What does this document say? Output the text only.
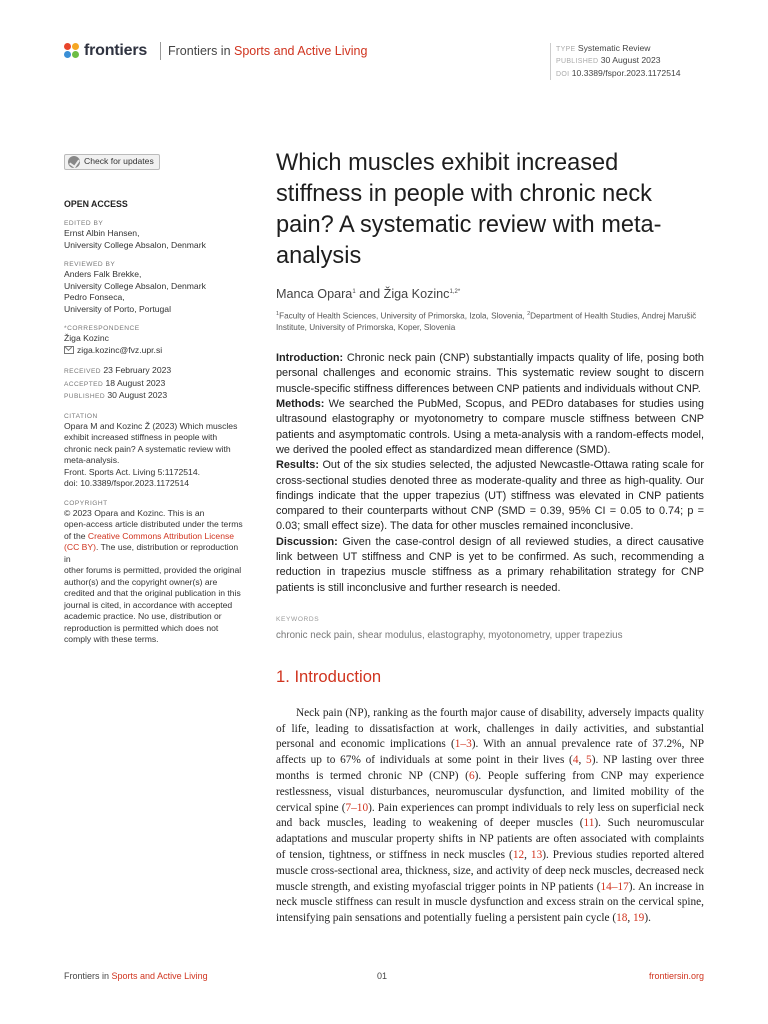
frontiers Frontiers in Sports and Active Living	TYPE Systematic Review
PUBLISHED 30 August 2023
DOI 10.3389/fspor.2023.1172514
Check for updates
OPEN ACCESS
EDITED BY
Ernst Albin Hansen,
University College Absalon, Denmark
REVIEWED BY
Anders Falk Brekke,
University College Absalon, Denmark
Pedro Fonseca,
University of Porto, Portugal
*CORRESPONDENCE
Žiga Kozinc
ziga.kozinc@fvz.upr.si
RECEIVED 23 February 2023
ACCEPTED 18 August 2023
PUBLISHED 30 August 2023
CITATION
Opara M and Kozinc Ž (2023) Which muscles
exhibit increased stiffness in people with
chronic neck pain? A systematic review with
meta-analysis.
Front. Sports Act. Living 5:1172514.
doi: 10.3389/fspor.2023.1172514
COPYRIGHT
© 2023 Opara and Kozinc. This is an
open-access article distributed under the terms
of the Creative Commons Attribution License
(CC BY). The use, distribution or reproduction in
other forums is permitted, provided the original
author(s) and the copyright owner(s) are
credited and that the original publication in this
journal is cited, in accordance with accepted
academic practice. No use, distribution or
reproduction is permitted which does not
comply with these terms.
Which muscles exhibit increased stiffness in people with chronic neck pain? A systematic review with meta-analysis
Manca Opara$^1$ and Žiga Kozinc$^{1,2*}$
$^1$Faculty of Health Sciences, University of Primorska, Izola, Slovenia, $^2$Department of Health Studies, Andrej Marušič Institute, University of Primorska, Koper, Slovenia

Introduction: Chronic neck pain (CNP) substantially impacts quality of life, posing both personal challenges and economic strains. This systematic review sought to discern muscle-specific stiffness differences between CNP patients and individuals without CNP.

Methods: We searched the PubMed, Scopus, and PEDro databases for studies using ultrasound elastography or myotonometry to compare muscle stiffness between CNP patients and asymptomatic controls. Using a meta-analysis with a random-effects model, we derived the pooled effect as standardized mean difference (SMD).

Results: Out of the six studies selected, the adjusted Newcastle-Ottawa rating scale for cross-sectional studies denoted three as moderate-quality and three as high-quality. Our findings indicate that the upper trapezius (UT) stiffness was elevated in CNP patients compared to their counterparts without CNP (SMD = 0.39, 95% CI = 0.05 to 0.74; p = 0.03; small effect size). The data for other muscles remained inconclusive.

Discussion: Given the case-control design of all reviewed studies, a direct causative link between UT stiffness and CNP is yet to be confirmed. As such, recommending a reduction in trapezius muscle stiffness as a primary rehabilitation strategy for CNP patients is still inconclusive and further research is needed.

KEYWORDS
chronic neck pain, shear modulus, elastography, myotonometry, upper trapezius
1. Introduction
Neck pain (NP), ranking as the fourth major cause of disability, adversely impacts quality of life, leading to dissatisfaction at work, challenges in daily activities, and substantial personal and economic implications (1–3). With an annual prevalence rate of 37.2%, NP affects up to 67% of individuals at some point in their lives (4, 5). NP lasting over three months is termed chronic NP (CNP) (6). People suffering from CNP may experience restlessness, visual disturbances, neuromuscular dysfunction, and limited mobility of the cervical spine (7–10). Pain experiences can prompt individuals to rely less on superficial neck and back muscles, leading to weakening of deeper muscles (11). Such neuromuscular adaptations and muscular property shifts in NP patients are often associated with complaints of tension, tightness, or stiffness in neck muscles (12, 13). Previous studies reported altered muscle cross-sectional area, thickness, size, and activity of deep neck muscles, decreased neck muscle strength, and existing myofascial trigger points in NP patients (14–17). An increase in neck muscle stiffness can result in muscle dysfunction and excess strain on the cervical spine, intensifying pain sensations and potentially fueling a persistent pain cycle (18, 19).
Frontiers in Sports and Active Living	01	frontiersin.org
